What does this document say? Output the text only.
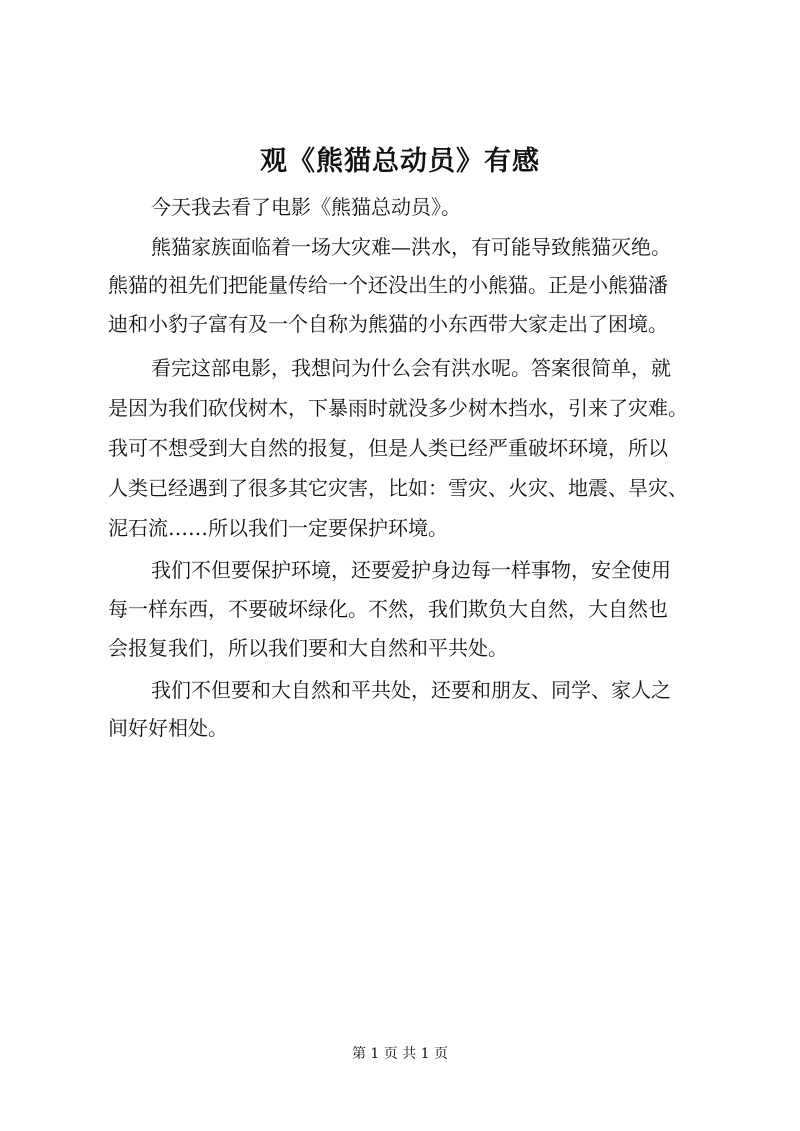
观《熊猫总动员》有感

今天我去看了电影《熊猫总动员》。

熊猫家族面临着一场大灾难—洪水，有可能导致熊猫灭绝。

熊猫的祖先们把能量传给一个还没出生的小熊猫。正是小熊猫潘

迪和小豹子富有及一个自称为熊猫的小东西带大家走出了困境。

看完这部电影，我想问为什么会有洪水呢。答案很简单，就

是因为我们砍伐树木，下暴雨时就没多少树木挡水，引来了灾难。

我可不想受到大自然的报复，但是人类已经严重破坏环境，所以

人类已经遇到了很多其它灾害，比如：雪灾、火灾、地震、旱灾、

泥石流……所以我们一定要保护环境。

我们不但要保护环境，还要爱护身边每一样事物，安全使用

每一样东西，不要破坏绿化。不然，我们欺负大自然，大自然也

会报复我们，所以我们要和大自然和平共处。

我们不但要和大自然和平共处，还要和朋友、同学、家人之

间好好相处。

第 1 页 共 1 页
